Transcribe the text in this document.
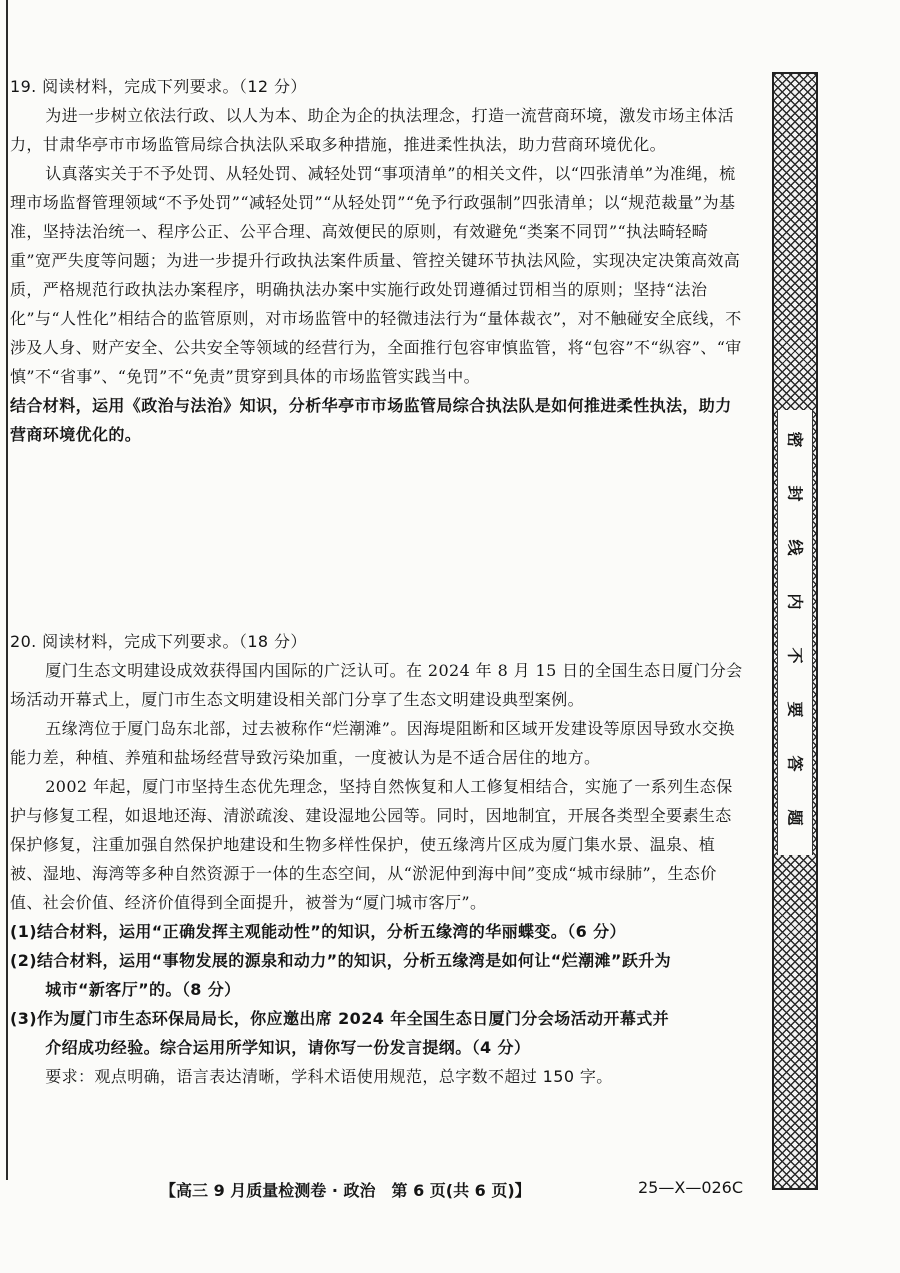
19. 阅读材料，完成下列要求。（12 分）

为进一步树立依法行政、以人为本、助企为企的执法理念，打造一流营商环境，激发市场主体活力，甘肃华亭市市场监管局综合执法队采取多种措施，推进柔性执法，助力营商环境优化。

认真落实关于不予处罚、从轻处罚、减轻处罚“事项清单”的相关文件，以“四张清单”为准绳，梳理市场监督管理领域“不予处罚”“减轻处罚”“从轻处罚”“免予行政强制”四张清单；以“规范裁量”为基准，坚持法治统一、程序公正、公平合理、高效便民的原则，有效避免“类案不同罚”“执法畸轻畸重”宽严失度等问题；为进一步提升行政执法案件质量、管控关键环节执法风险，实现决定决策高效高质，严格规范行政执法办案程序，明确执法办案中实施行政处罚遵循过罚相当的原则；坚持“法治化”与“人性化”相结合的监管原则，对市场监管中的轻微违法行为“量体裁衣”，对不触碰安全底线，不涉及人身、财产安全、公共安全等领域的经营行为，全面推行包容审慎监管，将“包容”不“纵容”、“审慎”不“省事”、“免罚”不“免责”贯穿到具体的市场监管实践当中。

结合材料，运用《政治与法治》知识，分析华亭市市场监管局综合执法队是如何推进柔性执法，助力营商环境优化的。

20. 阅读材料，完成下列要求。（18 分）

厦门生态文明建设成效获得国内国际的广泛认可。在 2024 年 8 月 15 日的全国生态日厦门分会场活动开幕式上，厦门市生态文明建设相关部门分享了生态文明建设典型案例。

五缘湾位于厦门岛东北部，过去被称作“烂潮滩”。因海堤阻断和区域开发建设等原因导致水交换能力差，种植、养殖和盐场经营导致污染加重，一度被认为是不适合居住的地方。

2002 年起，厦门市坚持生态优先理念，坚持自然恢复和人工修复相结合，实施了一系列生态保护与修复工程，如退地还海、清淤疏浚、建设湿地公园等。同时，因地制宜，开展各类型全要素生态保护修复，注重加强自然保护地建设和生物多样性保护，使五缘湾片区成为厦门集水景、温泉、植被、湿地、海湾等多种自然资源于一体的生态空间，从“淤泥仲到海中间”变成“城市绿肺”，生态价值、社会价值、经济价值得到全面提升，被誉为“厦门城市客厅”。

(1)结合材料，运用“正确发挥主观能动性”的知识，分析五缘湾的华丽蝶变。（6 分）

(2)结合材料，运用“事物发展的源泉和动力”的知识，分析五缘湾是如何让“烂潮滩”跃升为

城市“新客厅”的。（8 分）

(3)作为厦门市生态环保局局长，你应邀出席 2024 年全国生态日厦门分会场活动开幕式并

介绍成功经验。综合运用所学知识，请你写一份发言提纲。（4 分）

要求：观点明确，语言表达清晰，学科术语使用规范，总字数不超过 150 字。

密
封
线
内
不
要
答
题
【高三 9 月质量检测卷 · 政治　第 6 页(共 6 页)】	25—X—026C
